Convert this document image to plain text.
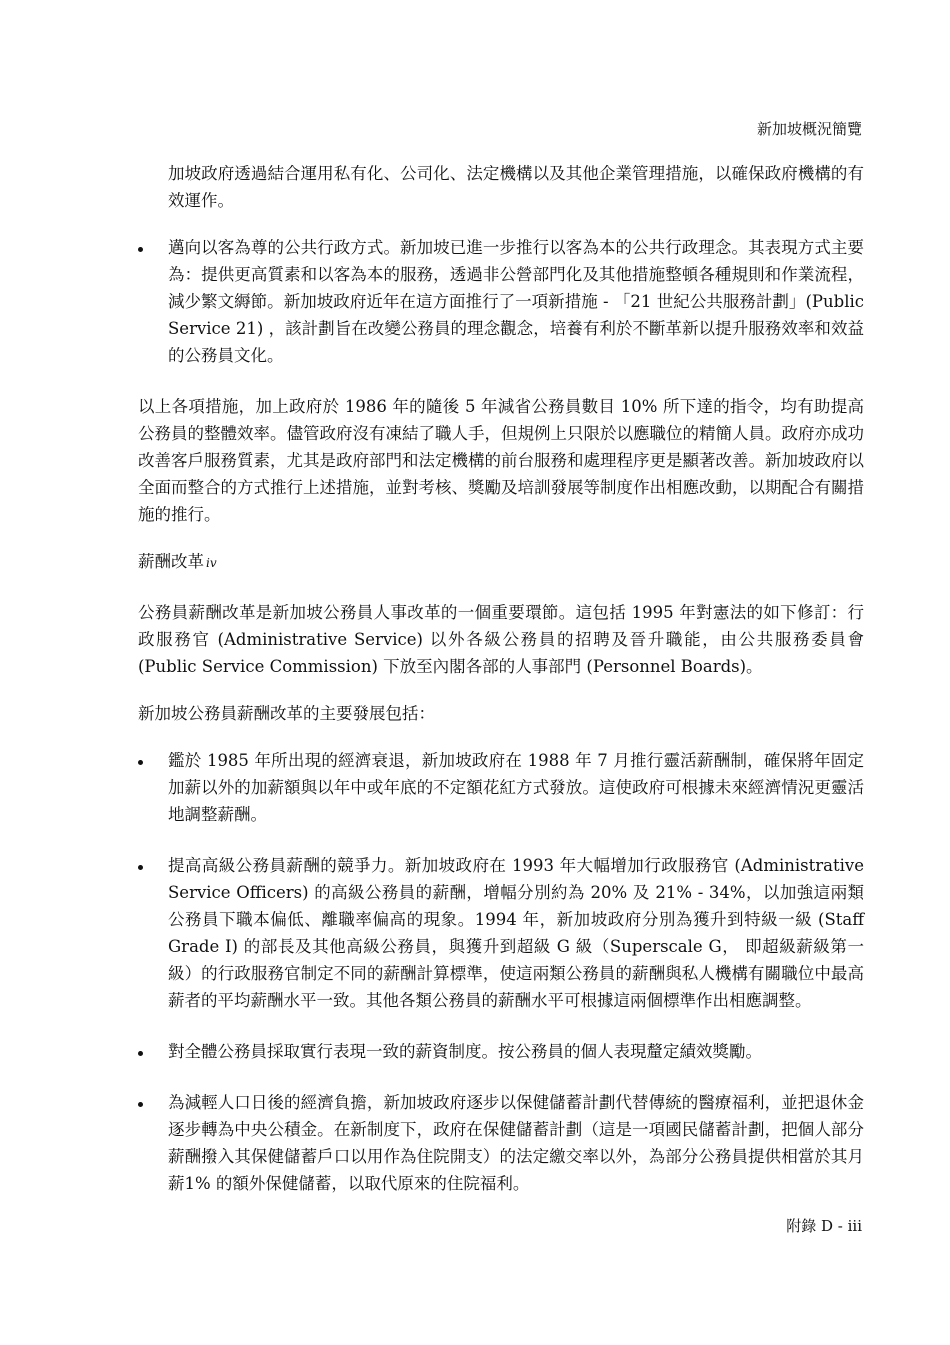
新加坡概況簡覽

加坡政府透過結合運用私有化、公司化、法定機構以及其他企業管理措施，以確保政府機構的有效運作。

邁向以客為尊的公共行政方式。新加坡已進一步推行以客為本的公共行政理念。其表現方式主要為：提供更高質素和以客為本的服務，透過非公營部門化及其他措施整頓各種規則和作業流程，減少繁文縟節。新加坡政府近年在這方面推行了一項新措施 - 「21 世紀公共服務計劃」(Public Service 21) ，該計劃旨在改變公務員的理念觀念，培養有利於不斷革新以提升服務效率和效益的公務員文化。

以上各項措施，加上政府於 1986 年的隨後 5 年減省公務員數目 10% 所下達的指令，均有助提高公務員的整體效率。儘管政府沒有凍結了職人手，但規例上只限於以應職位的精簡人員。政府亦成功改善客戶服務質素，尤其是政府部門和法定機構的前台服務和處理程序更是顯著改善。新加坡政府以全面而整合的方式推行上述措施，並對考核、獎勵及培訓發展等制度作出相應改動，以期配合有關措施的推行。

薪酬改革 iv

公務員薪酬改革是新加坡公務員人事改革的一個重要環節。這包括 1995 年對憲法的如下修訂：行政服務官 (Administrative Service) 以外各級公務員的招聘及晉升職能，由公共服務委員會 (Public Service Commission) 下放至內閣各部的人事部門 (Personnel Boards)。

新加坡公務員薪酬改革的主要發展包括：

鑑於 1985 年所出現的經濟衰退，新加坡政府在 1988 年 7 月推行靈活薪酬制，確保將年固定加薪以外的加薪額與以年中或年底的不定額花紅方式發放。這使政府可根據未來經濟情況更靈活地調整薪酬。

提高高級公務員薪酬的競爭力。新加坡政府在 1993 年大幅增加行政服務官 (Administrative Service Officers) 的高級公務員的薪酬，增幅分別約為 20% 及 21% - 34%，以加強這兩類公務員下職本偏低、離職率偏高的現象。1994 年，新加坡政府分別為獲升到特級一級 (Staff Grade I) 的部長及其他高級公務員，與獲升到超級 G 級（Superscale G， 即超級薪級第一級）的行政服務官制定不同的薪酬計算標準，使這兩類公務員的薪酬與私人機構有關職位中最高薪者的平均薪酬水平一致。其他各類公務員的薪酬水平可根據這兩個標準作出相應調整。

對全體公務員採取實行表現一致的薪資制度。按公務員的個人表現釐定績效獎勵。

為減輕人口日後的經濟負擔，新加坡政府逐步以保健儲蓄計劃代替傳統的醫療福利，並把退休金逐步轉為中央公積金。在新制度下，政府在保健儲蓄計劃（這是一項國民儲蓄計劃，把個人部分薪酬撥入其保健儲蓄戶口以用作為住院開支）的法定繳交率以外，為部分公務員提供相當於其月薪1% 的額外保健儲蓄，以取代原來的住院福利。

附錄 D - iii
